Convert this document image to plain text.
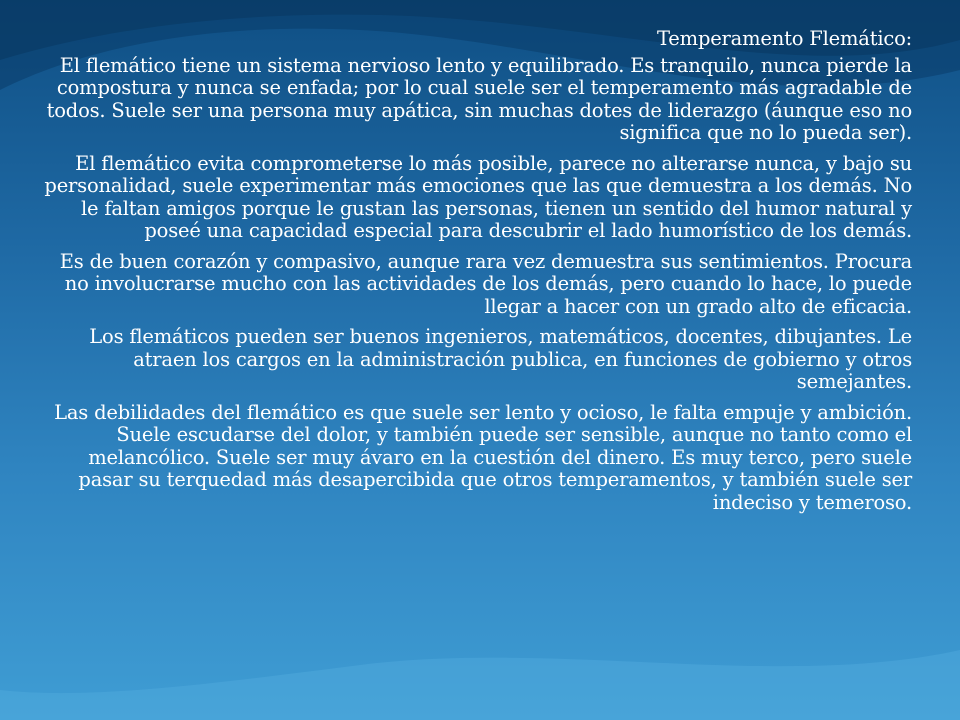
Temperamento Flemático:

El flemático tiene un sistema nervioso lento y equilibrado. Es tranquilo, nunca pierde la compostura y nunca se enfada; por lo cual suele ser el temperamento más agradable de todos. Suele ser una persona muy apática, sin muchas dotes de liderazgo (áunque eso no significa que no lo pueda ser).

El flemático evita comprometerse lo más posible, parece no alterarse nunca, y bajo su personalidad, suele experimentar más emociones que las que demuestra a los demás. No le faltan amigos porque le gustan las personas, tienen un sentido del humor natural y poseé una capacidad especial para descubrir el lado humorístico de los demás.

Es de buen corazón y compasivo, aunque rara vez demuestra sus sentimientos. Procura no involucrarse mucho con las actividades de los demás, pero cuando lo hace, lo puede llegar a hacer con un grado alto de eficacia.

Los flemáticos pueden ser buenos ingenieros, matemáticos, docentes, dibujantes. Le atraen los cargos en la administración publica, en funciones de gobierno y otros semejantes.

Las debilidades del flemático es que suele ser lento y ocioso, le falta empuje y ambición. Suele escudarse del dolor, y también puede ser sensible, aunque no tanto como el melancólico. Suele ser muy ávaro en la cuestión del dinero. Es muy terco, pero suele pasar su terquedad más desapercibida que otros temperamentos, y también suele ser indeciso y temeroso.
